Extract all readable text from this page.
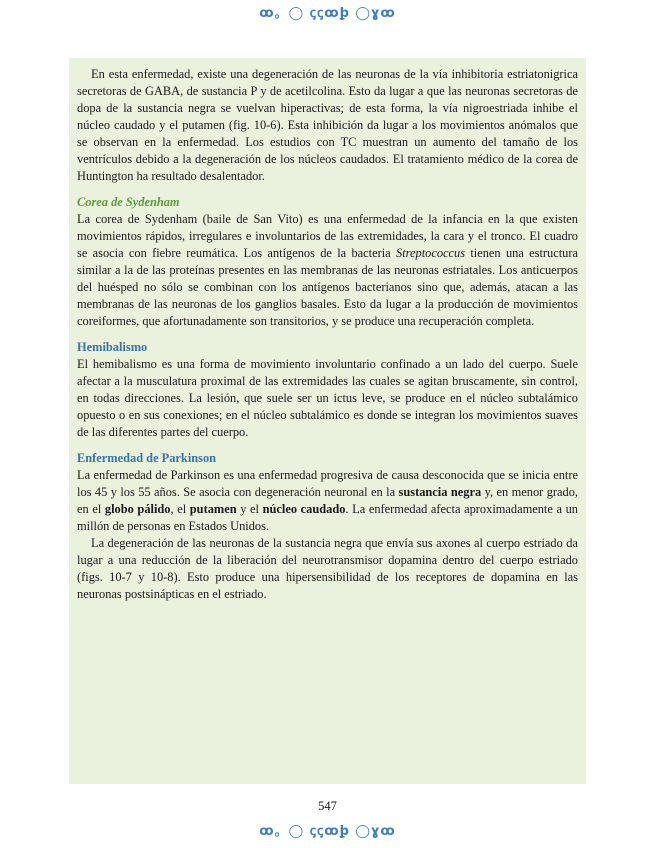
ꝏ。◯ ꞔꞔꝏꝧ ◯ɣꝏ

En esta enfermedad, existe una degeneración de las neuronas de la vía inhibitoria estriatonigrica secretoras de GABA, de sustancia P y de acetilcolina. Esto da lugar a que las neuronas secretoras de dopa de la sustancia negra se vuelvan hiperactivas; de esta forma, la vía nigroestriada inhibe el núcleo caudado y el putamen (fig. 10-6). Esta inhibición da lugar a los movimientos anómalos que se observan en la enfermedad. Los estudios con TC muestran un aumento del tamaño de los ventrículos debido a la degeneración de los núcleos caudados. El tratamiento médico de la corea de Huntington ha resultado desalentador.

Corea de Sydenham

La corea de Sydenham (baile de San Vito) es una enfermedad de la infancia en la que existen movimientos rápidos, irregulares e involuntarios de las extremidades, la cara y el tronco. El cuadro se asocia con fiebre reumática. Los antígenos de la bacteria Streptococcus tienen una estructura similar a la de las proteínas presentes en las membranas de las neuronas estriatales. Los anticuerpos del huésped no sólo se combinan con los antígenos bacterianos sino que, además, atacan a las membranas de las neuronas de los ganglios basales. Esto da lugar a la producción de movimientos coreiformes, que afortunadamente son transitorios, y se produce una recuperación completa.

Hemibalismo

El hemibalismo es una forma de movimiento involuntario confinado a un lado del cuerpo. Suele afectar a la musculatura proximal de las extremidades las cuales se agitan bruscamente, sin control, en todas direcciones. La lesión, que suele ser un ictus leve, se produce en el núcleo subtalámico opuesto o en sus conexiones; en el núcleo subtalámico es donde se integran los movimientos suaves de las diferentes partes del cuerpo.

Enfermedad de Parkinson

La enfermedad de Parkinson es una enfermedad progresiva de causa desconocida que se inicia entre los 45 y los 55 años. Se asocia con degeneración neuronal en la sustancia negra y, en menor grado, en el globo pálido, el putamen y el núcleo caudado. La enfermedad afecta aproximadamente a un millón de personas en Estados Unidos.

La degeneración de las neuronas de la sustancia negra que envía sus axones al cuerpo estriado da lugar a una reducción de la liberación del neurotransmisor dopamina dentro del cuerpo estriado (figs. 10-7 y 10-8). Esto produce una hipersensibilidad de los receptores de dopamina en las neuronas postsinápticas en el estriado.

547
ꝏ。◯ ꞔꞔꝏꝧ ◯ɣꝏ
